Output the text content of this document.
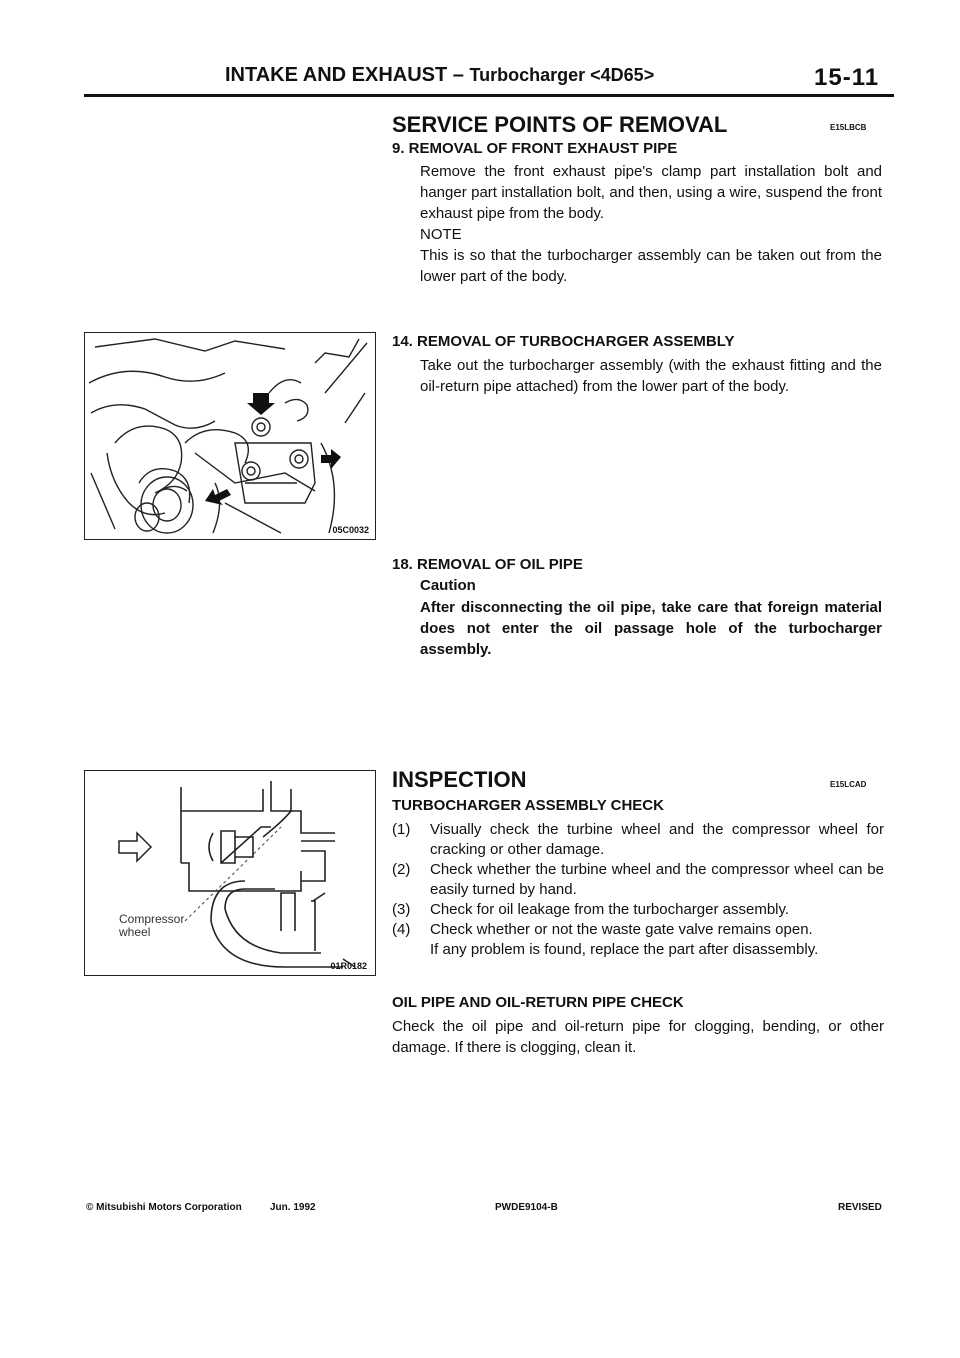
INTAKE AND EXHAUST – Turbocharger <4D65>	15-11
SERVICE POINTS OF REMOVAL	E15LBCB
9. REMOVAL OF FRONT EXHAUST PIPE

Remove the front exhaust pipe's clamp part installation bolt and hanger part installation bolt, and then, using a wire, suspend the front exhaust pipe from the body.

NOTE

This is so that the turbocharger assembly can be taken out from the lower part of the body.

14. REMOVAL OF TURBOCHARGER ASSEMBLY

Take out the turbocharger assembly (with the exhaust fitting and the oil-return pipe attached) from the lower part of the body.

18. REMOVAL OF OIL PIPE
Caution

After disconnecting the oil pipe, take care that foreign material does not enter the oil passage hole of the turbocharger assembly.

05C0032
INSPECTION	E15LCAD
TURBOCHARGER ASSEMBLY CHECK
(1) Visually check the turbine wheel and the compressor wheel for cracking or other damage.
(2) Check whether the turbine wheel and the compressor wheel can be easily turned by hand.
(3) Check for oil leakage from the turbocharger assembly.
(4) Check whether or not the waste gate valve remains open.
If any problem is found, replace the part after disassembly.
OIL PIPE AND OIL-RETURN PIPE CHECK

Check the oil pipe and oil-return pipe for clogging, bending, or other damage. If there is clogging, clean it.

Compressor
wheel
01R0182
© Mitsubishi Motors Corporation	Jun. 1992	PWDE9104-B	REVISED
